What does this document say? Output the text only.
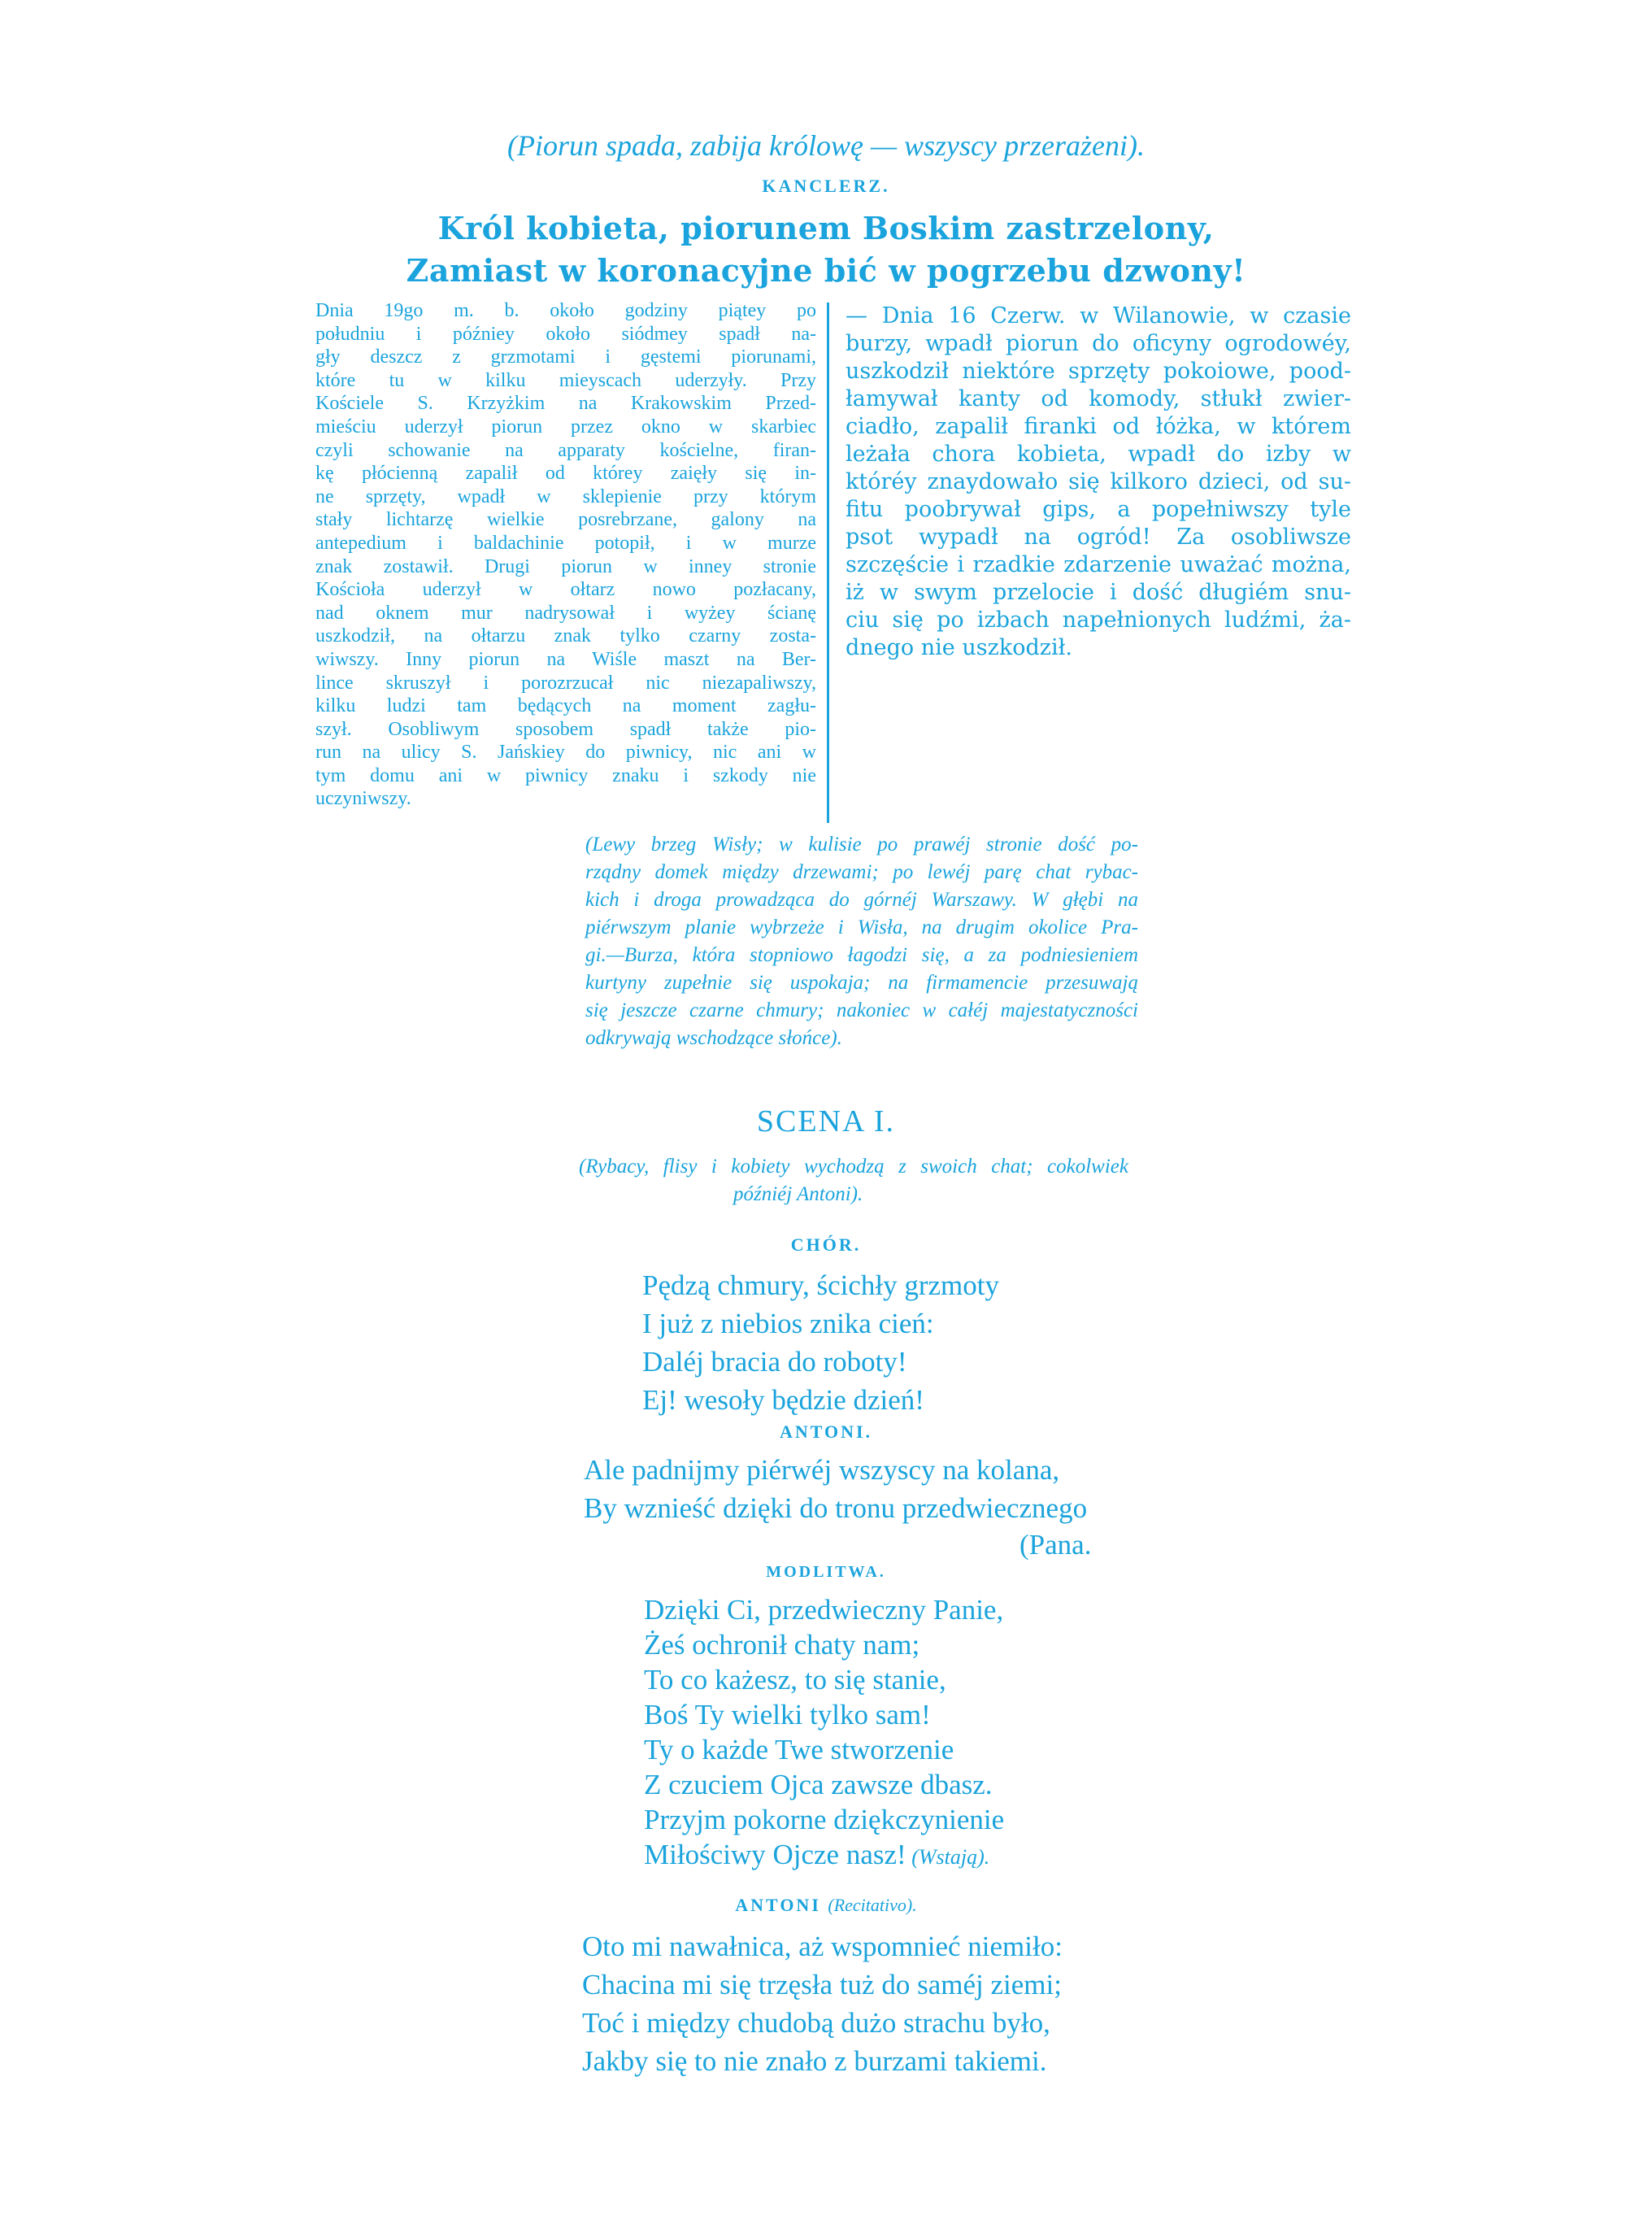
(Piorun spada, zabija królowę — wszyscy przerażeni).
KANCLERZ.
Król kobieta, piorunem Boskim zastrzelony,
Zamiast w koronacyjne bić w pogrzebu dzwony!
Dnia 19go m. b. około godziny piątey po
południu i późniey około siódmey spadł na-
gły deszcz z grzmotami i gęstemi piorunami,
które tu w kilku mieyscach uderzyły. Przy
Kościele S. Krzyżkim na Krakowskim Przed-
mieściu uderzył piorun przez okno w skarbiec
czyli schowanie na apparaty kościelne, firan-
kę płócienną zapalił od którey zaięły się in-
ne sprzęty, wpadł w sklepienie przy którym
stały lichtarzę wielkie posrebrzane, galony na
antepedium i baldachinie potopił, i w murze
znak zostawił. Drugi piorun w inney stronie
Kościoła uderzył w ołtarz nowo pozłacany,
nad oknem mur nadrysował i wyżey ścianę
uszkodził, na ołtarzu znak tylko czarny zosta-
wiwszy. Inny piorun na Wiśle maszt na Ber-
lince skruszył i porozrzucał nic niezapaliwszy,
kilku ludzi tam będących na moment zagłu-
szył. Osobliwym sposobem spadł także pio-
run na ulicy S. Jańskiey do piwnicy, nic ani w
tym domu ani w piwnicy znaku i szkody nie
uczyniwszy.
— Dnia 16 Czerw. w Wilanowie, w czasie
burzy, wpadł piorun do oficyny ogrodowéy,
uszkodził niektóre sprzęty pokoiowe, pood-
łamywał kanty od komody, stłukł zwier-
ciadło, zapalił firanki od łóżka, w którem
leżała chora kobieta, wpadł do izby w
któréy znaydowało się kilkoro dzieci, od su-
fitu poobrywał gips, a popełniwszy tyle
psot wypadł na ogród! Za osobliwsze
szczęście i rzadkie zdarzenie uważać można,
iż w swym przelocie i dość długiém snu-
ciu się po izbach napełnionych ludźmi, ża-
dnego nie uszkodził.
(Lewy brzeg Wisły; w kulisie po prawéj stronie dość po-
rządny domek między drzewami; po lewéj parę chat rybac-
kich i droga prowadząca do górnéj Warszawy. W głębi na
piérwszym planie wybrzeże i Wisła, na drugim okolice Pra-
gi.—Burza, która stopniowo łagodzi się, a za podniesieniem
kurtyny zupełnie się uspokaja; na firmamencie przesuwają
się jeszcze czarne chmury; nakoniec w całéj majestatyczności
odkrywają wschodzące słońce).
SCENA I.
(Rybacy, flisy i kobiety wychodzą z swoich chat; cokolwiek
późniéj Antoni).
CHÓR.
Pędzą chmury, ścichły grzmoty
I już z niebios znika cień:
Daléj bracia do roboty!
Ej! wesoły będzie dzień!
ANTONI.
Ale padnijmy piérwéj wszyscy na kolana,
By wznieść dzięki do tronu przedwiecznego
(Pana.
MODLITWA.
Dzięki Ci, przedwieczny Panie,
Żeś ochronił chaty nam;
To co każesz, to się stanie,
Boś Ty wielki tylko sam!
Ty o każde Twe stworzenie
Z czuciem Ojca zawsze dbasz.
Przyjm pokorne dziękczynienie
Miłościwy Ojcze nasz! (Wstają).
ANTONI (Recitativo).
Oto mi nawałnica, aż wspomnieć niemiło:
Chacina mi się trzęsła tuż do saméj ziemi;
Toć i między chudobą dużo strachu było,
Jakby się to nie znało z burzami takiemi.
